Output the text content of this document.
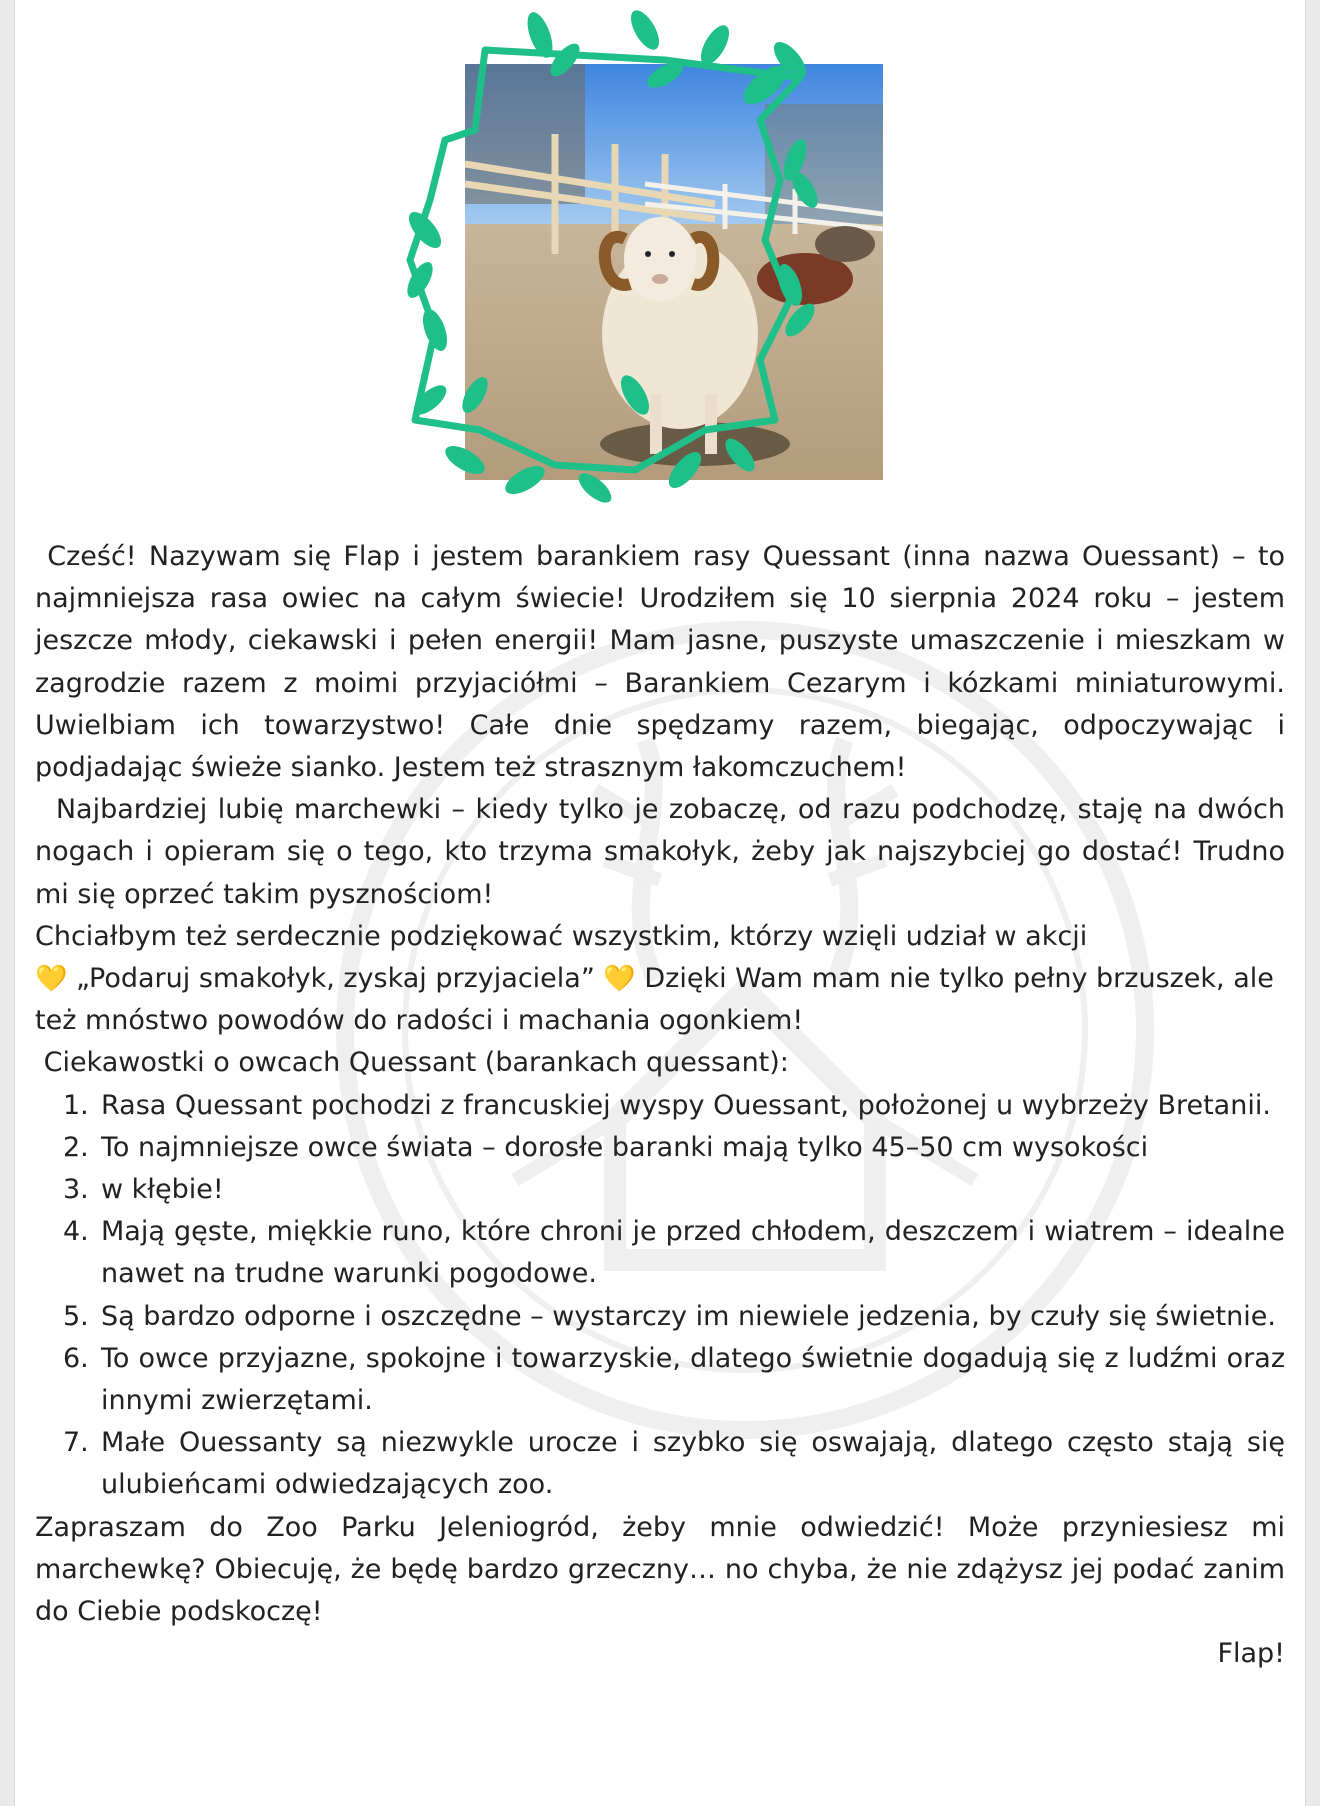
Cześć! Nazywam się Flap i jestem barankiem rasy Quessant (inna nazwa Ouessant) – to najmniejsza rasa owiec na całym świecie! Urodziłem się 10 sierpnia 2024 roku – jestem jeszcze młody, ciekawski i pełen energii! Mam jasne, puszyste umaszczenie i mieszkam w zagrodzie razem z moimi przyjaciółmi – Barankiem Cezarym i kózkami miniaturowymi. Uwielbiam ich towarzystwo! Całe dnie spędzamy razem, biegając, odpoczywając i podjadając świeże sianko. Jestem też strasznym łakomczuchem!

Najbardziej lubię marchewki – kiedy tylko je zobaczę, od razu podchodzę, staję na dwóch nogach i opieram się o tego, kto trzyma smakołyk, żeby jak najszybciej go dostać! Trudno mi się oprzeć takim pysznościom!

Chciałbym też serdecznie podziękować wszystkim, którzy wzięli udział w akcji
💛 „Podaruj smakołyk, zyskaj przyjaciela” 💛 Dzięki Wam mam nie tylko pełny brzuszek, ale też mnóstwo powodów do radości i machania ogonkiem!

Ciekawostki o owcach Quessant (barankach quessant):

1. Rasa Quessant pochodzi z francuskiej wyspy Ouessant, położonej u wybrzeży Bretanii.
2. To najmniejsze owce świata – dorosłe baranki mają tylko 45–50 cm wysokości
3. w kłębie!
4. Mają gęste, miękkie runo, które chroni je przed chłodem, deszczem i wiatrem – idealne nawet na trudne warunki pogodowe.
5. Są bardzo odporne i oszczędne – wystarczy im niewiele jedzenia, by czuły się świetnie.
6. To owce przyjazne, spokojne i towarzyskie, dlatego świetnie dogadują się z ludźmi oraz innymi zwierzętami.
7. Małe Ouessanty są niezwykle urocze i szybko się oswajają, dlatego często stają się ulubieńcami odwiedzających zoo.

Zapraszam do Zoo Parku Jeleniogród, żeby mnie odwiedzić! Może przyniesiesz mi marchewkę? Obiecuję, że będę bardzo grzeczny… no chyba, że nie zdążysz jej podać zanim do Ciebie podskoczę!

Flap!
